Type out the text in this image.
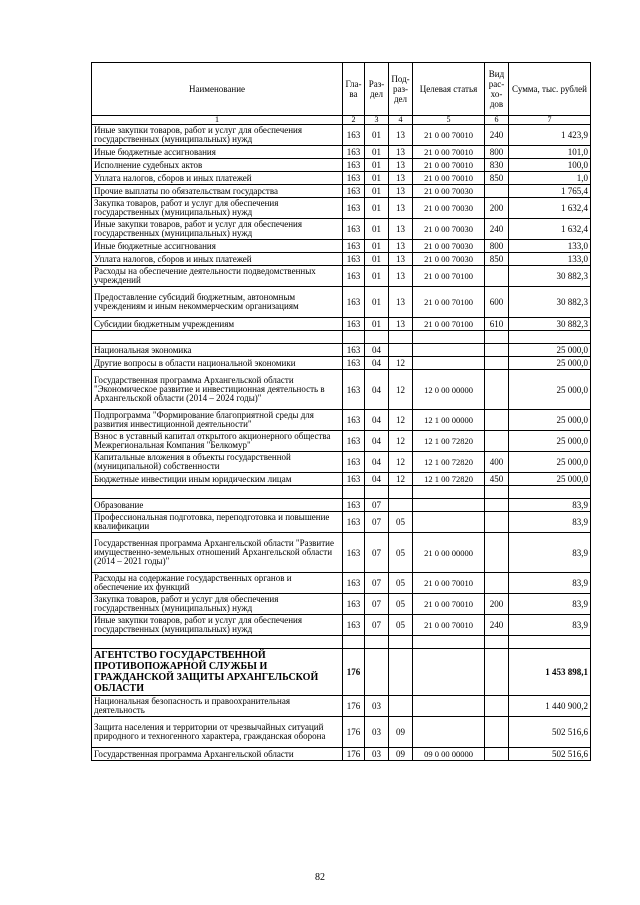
Наименование	Гла-ва	Раз-дел	Под-раз-дел	Целевая статья	Вид рас-хо-дов	Сумма, тыс. рублей
1	2	3	4	5	6	7
Иные закупки товаров, работ и услуг для обеспечения государственных (муниципальных) нужд	163	01	13	21 0 00 70010	240	1 423,9
Иные бюджетные ассигнования	163	01	13	21 0 00 70010	800	101,0
Исполнение судебных актов	163	01	13	21 0 00 70010	830	100,0
Уплата налогов, сборов и иных платежей	163	01	13	21 0 00 70010	850	1,0
Прочие выплаты по обязательствам государства	163	01	13	21 0 00 70030		1 765,4
Закупка товаров, работ и услуг для обеспечения государственных (муниципальных) нужд	163	01	13	21 0 00 70030	200	1 632,4
Иные закупки товаров, работ и услуг для обеспечения государственных (муниципальных) нужд	163	01	13	21 0 00 70030	240	1 632,4
Иные бюджетные ассигнования	163	01	13	21 0 00 70030	800	133,0
Уплата налогов, сборов и иных платежей	163	01	13	21 0 00 70030	850	133,0
Расходы на обеспечение деятельности подведомственных учреждений	163	01	13	21 0 00 70100		30 882,3
Предоставление субсидий бюджетным, автономным учреждениям и иным некоммерческим организациям	163	01	13	21 0 00 70100	600	30 882,3
Субсидии бюджетным учреждениям	163	01	13	21 0 00 70100	610	30 882,3

Национальная экономика	163	04				25 000,0
Другие вопросы в области национальной экономики	163	04	12			25 000,0
Государственная программа Архангельской области "Экономическое развитие и инвестиционная деятельность в Архангельской области (2014 – 2024 годы)"	163	04	12	12 0 00 00000		25 000,0
Подпрограмма "Формирование благоприятной среды для развития инвестиционной деятельности"	163	04	12	12 1 00 00000		25 000,0
Взнос в уставный капитал открытого акционерного общества Межрегиональная Компания "Белкомур"	163	04	12	12 1 00 72820		25 000,0
Капитальные вложения в объекты государственной (муниципальной) собственности	163	04	12	12 1 00 72820	400	25 000,0
Бюджетные инвестиции иным юридическим лицам	163	04	12	12 1 00 72820	450	25 000,0

Образование	163	07				83,9
Профессиональная подготовка, переподготовка и повышение квалификации	163	07	05			83,9
Государственная программа Архангельской области "Развитие имущественно-земельных отношений Архангельской области (2014 – 2021 годы)"	163	07	05	21 0 00 00000		83,9
Расходы на содержание государственных органов и обеспечение их функций	163	07	05	21 0 00 70010		83,9
Закупка товаров, работ и услуг для обеспечения государственных (муниципальных) нужд	163	07	05	21 0 00 70010	200	83,9
Иные закупки товаров, работ и услуг для обеспечения государственных (муниципальных) нужд	163	07	05	21 0 00 70010	240	83,9

АГЕНТСТВО ГОСУДАРСТВЕННОЙ ПРОТИВОПОЖАРНОЙ СЛУЖБЫ И ГРАЖДАНСКОЙ ЗАЩИТЫ АРХАНГЕЛЬСКОЙ ОБЛАСТИ	176					1 453 898,1
Национальная безопасность и правоохранительная деятельность	176	03				1 440 900,2
Защита населения и территории от чрезвычайных ситуаций природного и техногенного характера, гражданская оборона	176	03	09			502 516,6
Государственная программа Архангельской области	176	03	09	09 0 00 00000		502 516,6
82
